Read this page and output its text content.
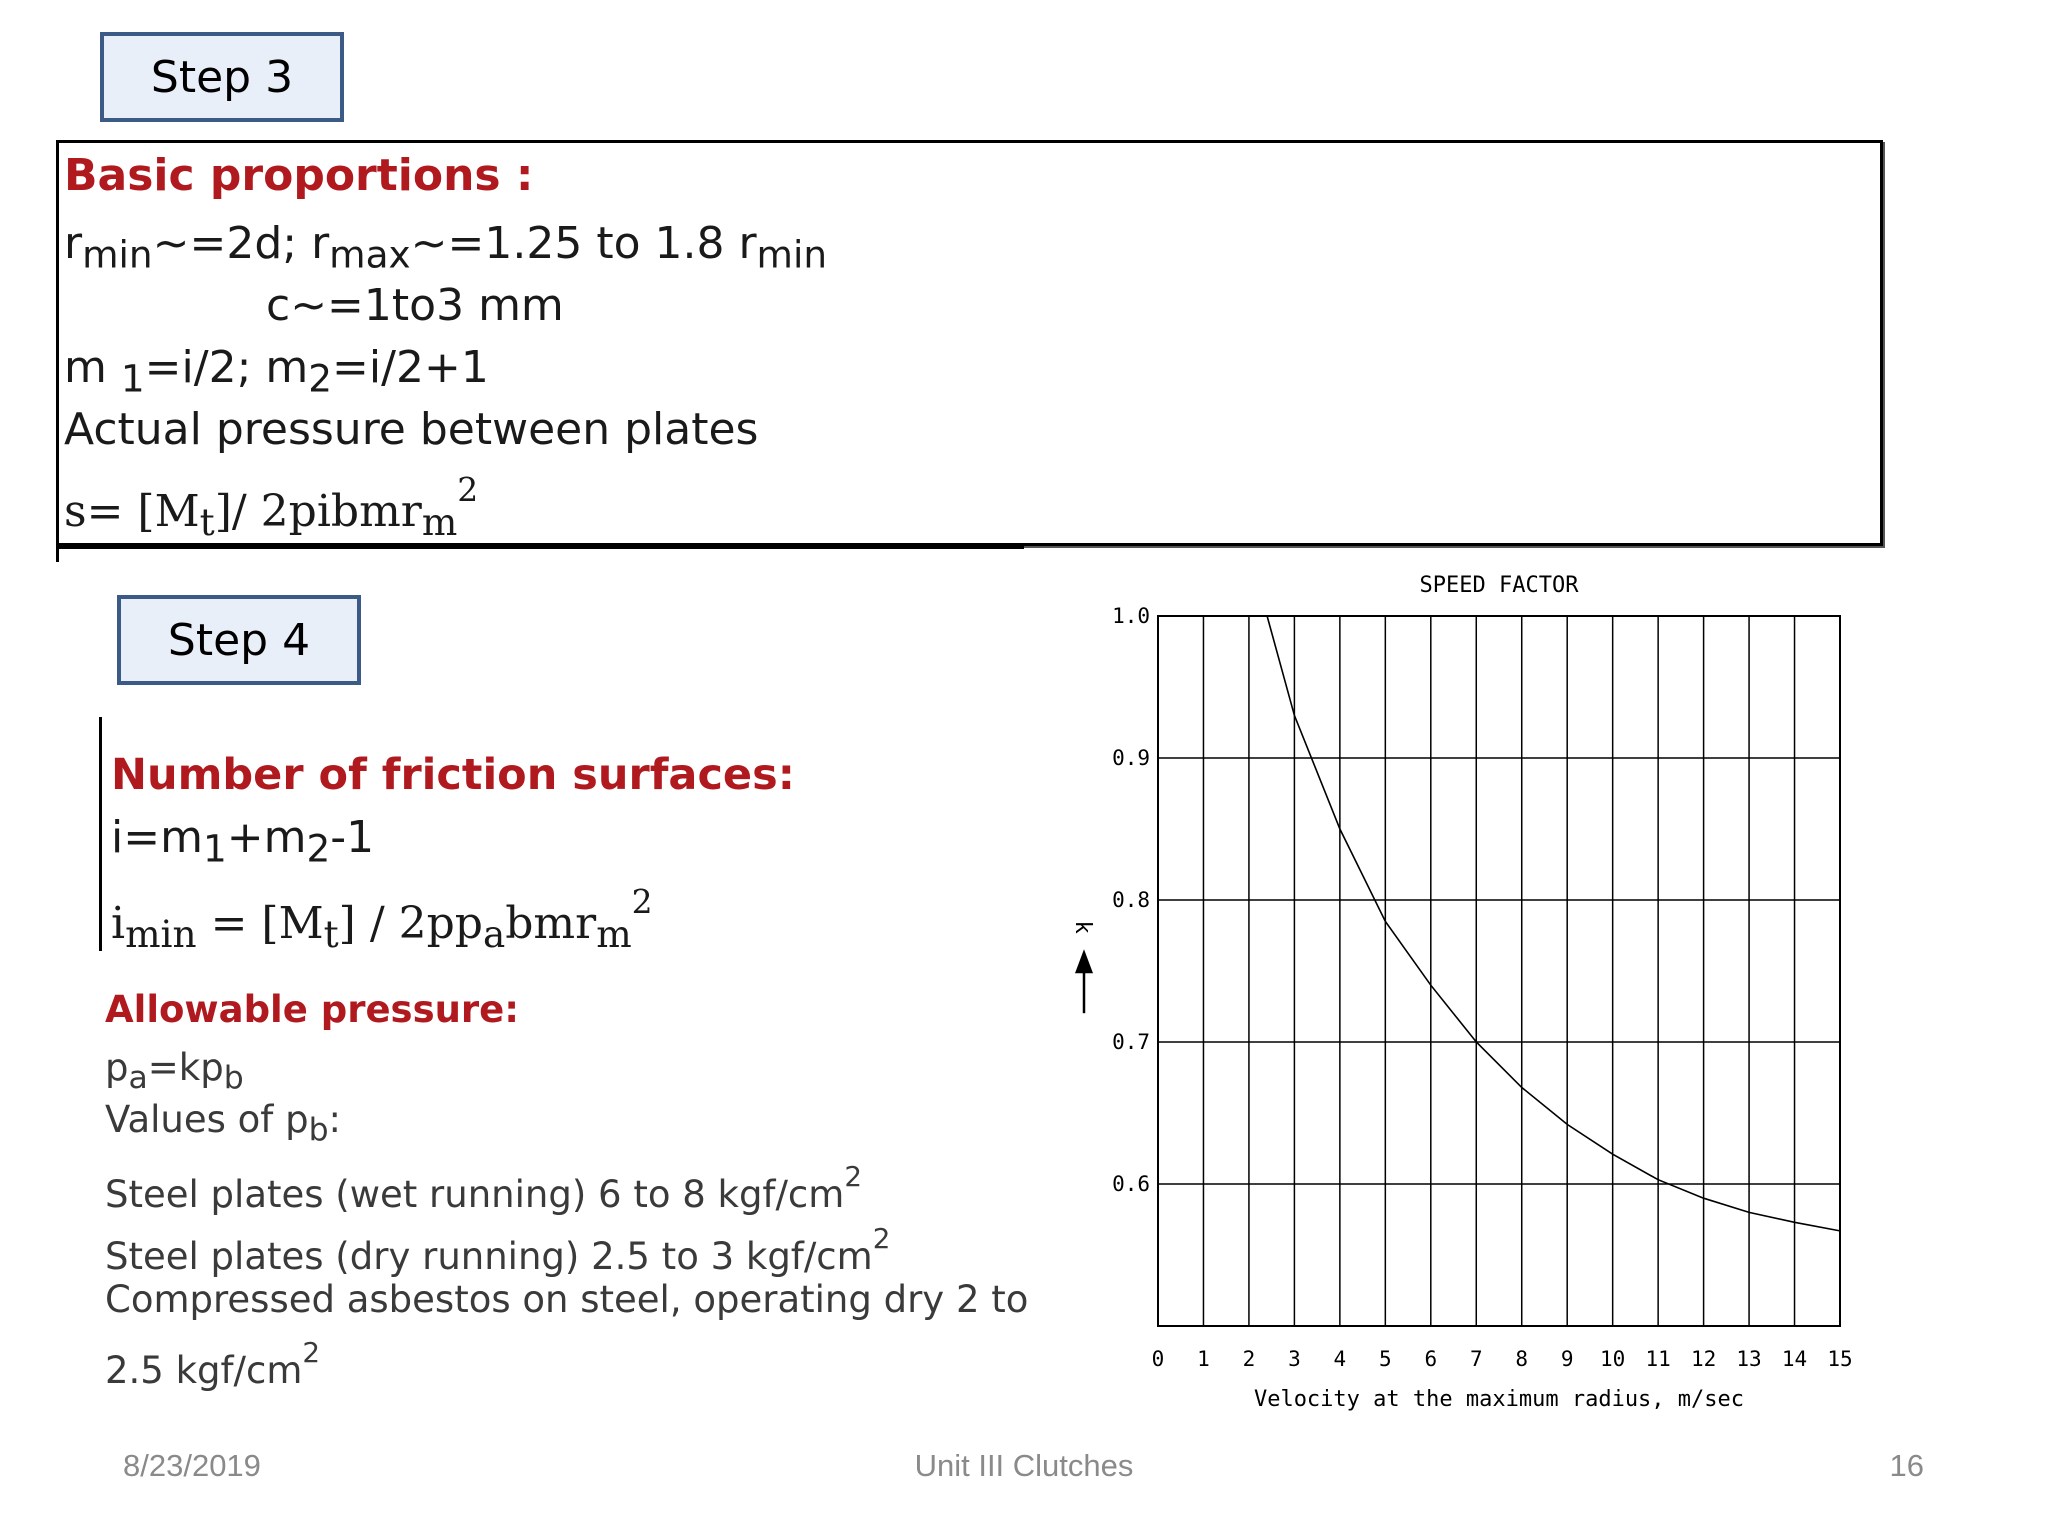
Step 3
Basic proportions :
$r_{min}\sim=2d$; $r_{max}\sim=1.25$ to 1.8 $r_{min}$
c~=1to3 mm
m $_1$=i/2; $m_2=i/2+1$
Actual pressure between plates
$s= [M_t]/$ 2pibmr$_m^2$
Step 4
Number of friction surfaces:
$i=m_1+m_2-1$
$i_{min} = [M_t] / 2pp_abmr_m^2$
Allowable pressure:
$p_a=kp_b$
Values of $p_b$:
Steel plates (wet running) 6 to 8 kgf/$cm^2$
Steel plates (dry running) 2.5 to 3 kgf/$cm^2$
Compressed asbestos on steel, operating dry 2 to
2.5 kgf/$cm^2$
0.6
0.7
0.8
0.9
1.0
0 1 2 3 4 5 6 7 8 9 10 11 12 13 14 15
SPEED FACTOR
Velocity at the maximum radius, m/sec
k
8/23/2019	Unit III Clutches	16
